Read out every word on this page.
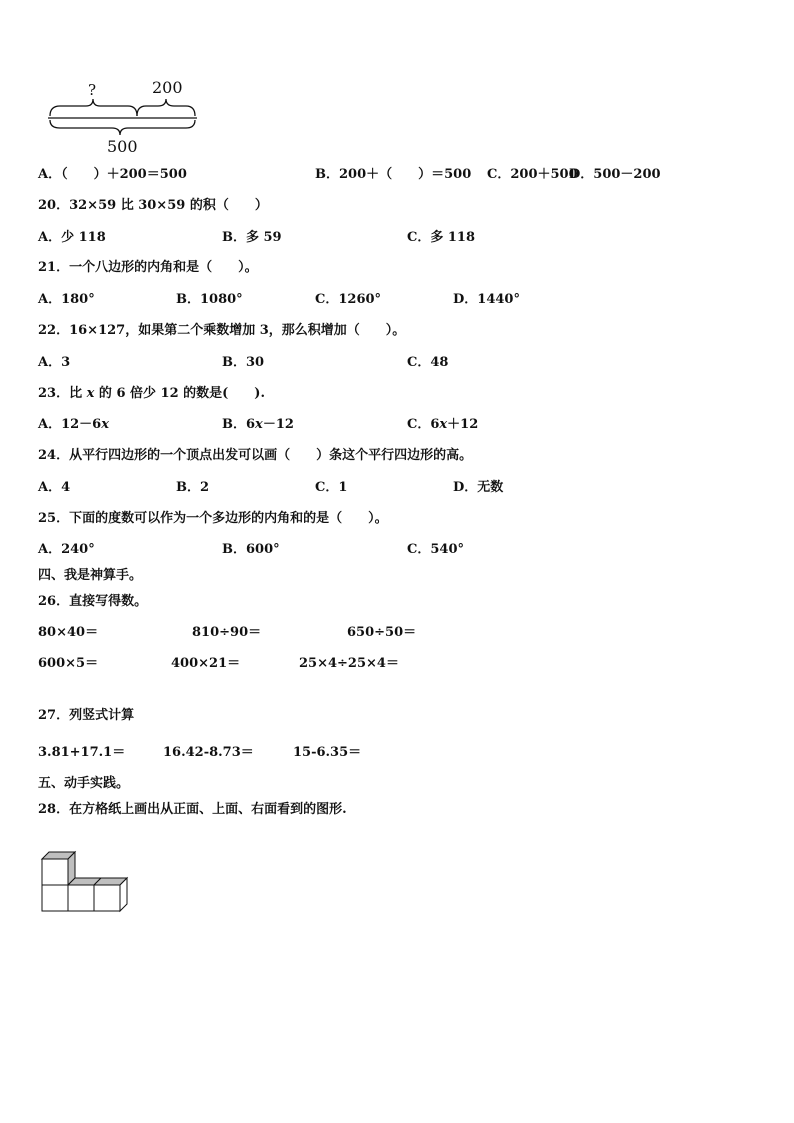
?	200
500
A．（　　）＋200＝500	B．200＋（　　）＝500 C．200＋500
D．500－200
20．32×59 比 30×59 的积（　　）
A．少 118	B．多 59	C．多 118
21．一个八边形的内角和是（　　）。
A．180°	B．1080°	C．1260°	D．1440°
22．16×127，如果第二个乘数增加 3，那么积增加（　　）。
A．3	B．30	C．48
23．比 x 的 6 倍少 12 的数是(　　).
A．12－6x	B．6x－12	C．6x＋12
24．从平行四边形的一个顶点出发可以画（　　）条这个平行四边形的高。
A．4	B．2	C．1	D．无数
25．下面的度数可以作为一个多边形的内角和的是（　　）。
A．240°	B．600°	C．540°
四、我是神算手。
26．直接写得数。
80×40＝	810÷90＝	650÷50＝
600×5＝	400×21＝	25×4÷25×4＝
27．列竖式计算
3.81+17.1＝	16.42-8.73＝	15-6.35＝
五、动手实践。
28．在方格纸上画出从正面、上面、右面看到的图形.
